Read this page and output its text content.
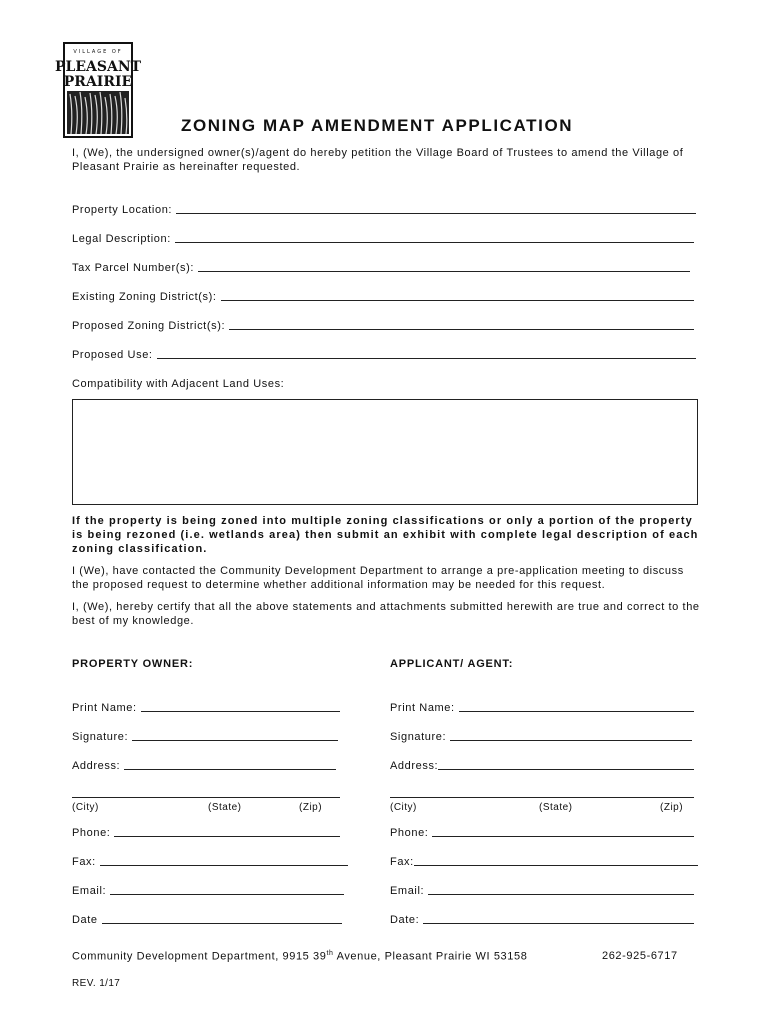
VILLAGE OF
PLEASANT
PRAIRIE
ZONING MAP AMENDMENT APPLICATION
I, (We), the undersigned owner(s)/agent do hereby petition the Village Board of Trustees to amend the Village of Pleasant Prairie as hereinafter requested.
Property Location:
Legal Description:
Tax Parcel Number(s):
Existing Zoning District(s):
Proposed Zoning District(s):
Proposed Use:
Compatibility with Adjacent Land Uses:
If the property is being zoned into multiple zoning classifications or only a portion of the property is being rezoned (i.e. wetlands area) then submit an exhibit with complete legal description of each zoning classification.
I (We), have contacted the Community Development Department to arrange a pre-application meeting to discuss the proposed request to determine whether additional information may be needed for this request.
I, (We), hereby certify that all the above statements and attachments submitted herewith are true and correct to the best of my knowledge.
PROPERTY OWNER:	APPLICANT/ AGENT:
Print Name:
Signature:
Address:
(City)	(State)	(Zip)
Phone:
Fax:
Email:
Date
Print Name:
Signature:
Address:
(City)	(State)	(Zip)
Phone:
Fax:
Email:
Date:
Community Development Department, 9915 39th Avenue, Pleasant Prairie WI 53158	262-925-6717
REV. 1/17
